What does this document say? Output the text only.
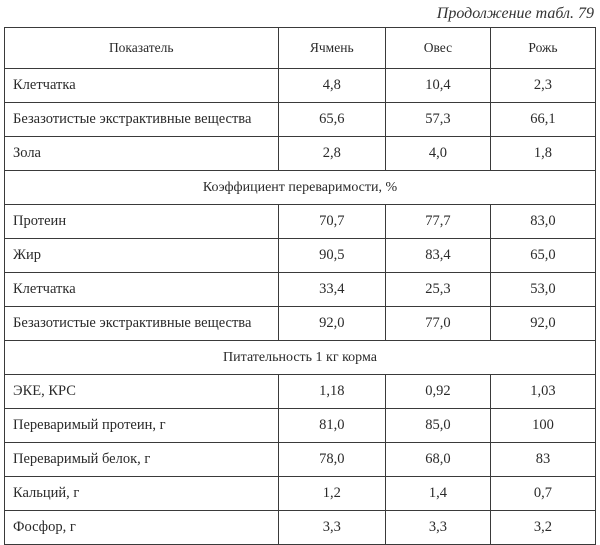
Продолжение табл. 79
Показатель	Ячмень	Овес	Рожь
Клетчатка	4,8	10,4	2,3
Безазотистые экстрактивные вещества	65,6	57,3	66,1
Зола	2,8	4,0	1,8
Коэффициент переваримости, %			
Протеин	70,7	77,7	83,0
Жир	90,5	83,4	65,0
Клетчатка	33,4	25,3	53,0
Безазотистые экстрактивные вещества	92,0	77,0	92,0
Питательность 1 кг корма			
ЭКЕ, КРС	1,18	0,92	1,03
Переваримый протеин, г	81,0	85,0	100
Переваримый белок, г	78,0	68,0	83
Кальций, г	1,2	1,4	0,7
Фосфор, г	3,3	3,3	3,2
